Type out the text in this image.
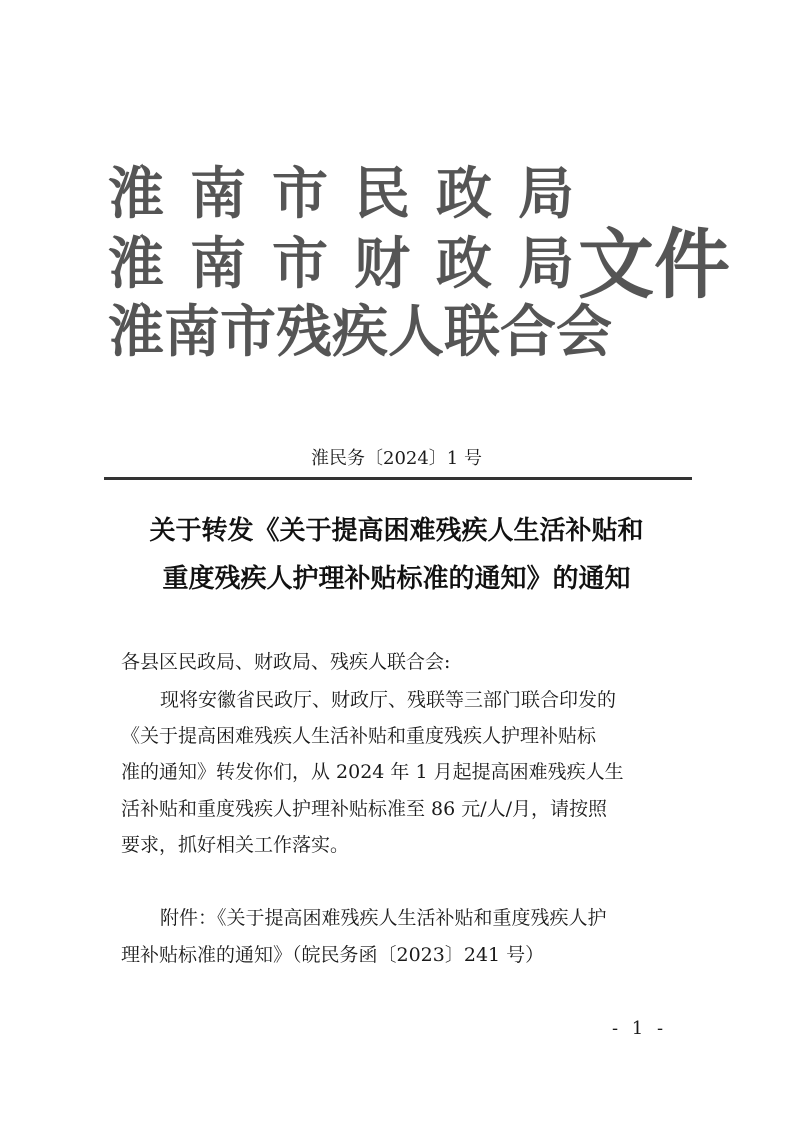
淮南市民政局
淮南市财政局
淮南市残疾人联合会
文件
淮民务〔2024〕1 号
关于转发《关于提高困难残疾人生活补贴和
重度残疾人护理补贴标准的通知》的通知
各县区民政局、财政局、残疾人联合会:
现将安徽省民政厅、财政厅、残联等三部门联合印发的
《关于提高困难残疾人生活补贴和重度残疾人护理补贴标
准的通知》转发你们，从 2024 年 1 月起提高困难残疾人生
活补贴和重度残疾人护理补贴标准至 86 元/人/月，请按照
要求，抓好相关工作落实。
附件：《关于提高困难残疾人生活补贴和重度残疾人护
理补贴标准的通知》（皖民务函〔2023〕241 号）
- 1 -
